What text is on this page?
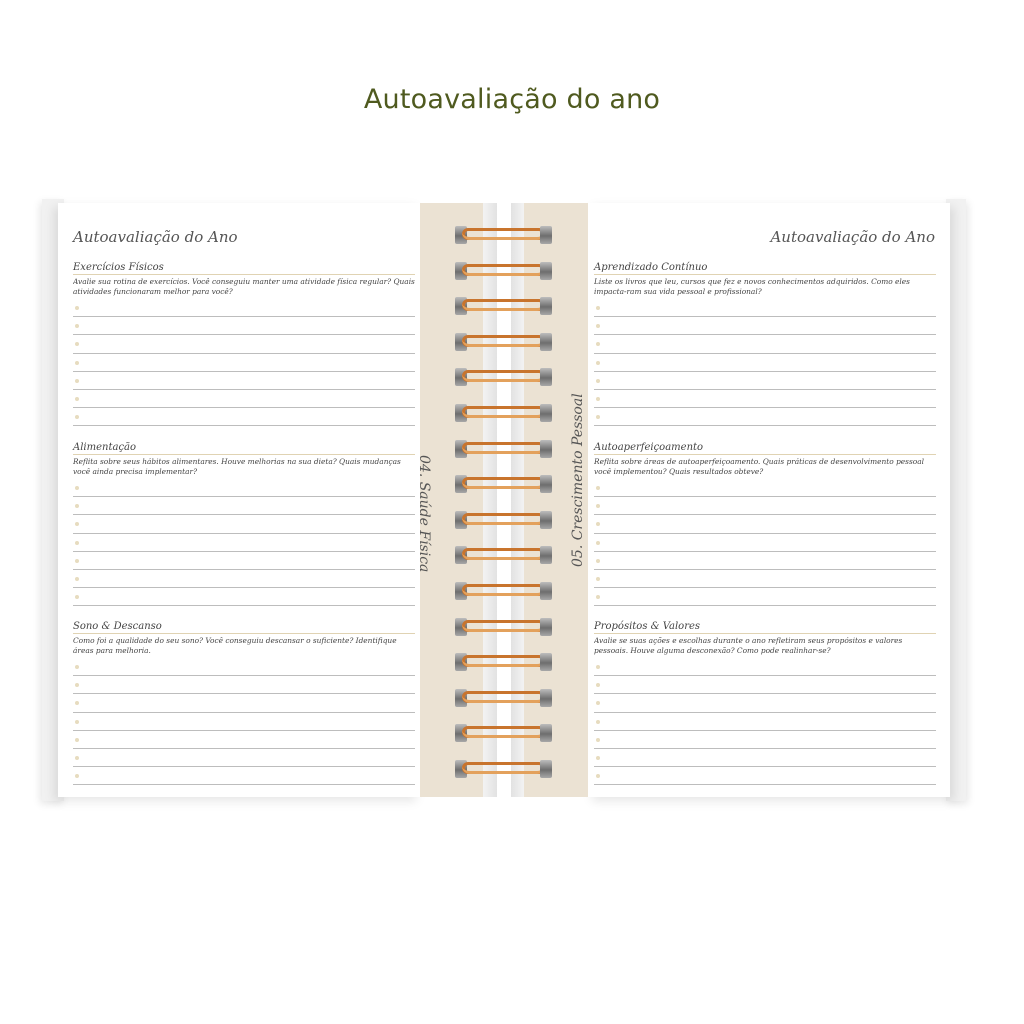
Autoavaliação do ano
04. Saúde Física	05. Crescimento Pessoal
Autoavaliação do Ano	Autoavaliação do Ano
Exercícios Físicos
Avalie sua rotina de exercícios. Você conseguiu manter uma atividade física regular? Quais atividades funcionaram melhor para você?
Alimentação
Reflita sobre seus hábitos alimentares. Houve melhorias na sua dieta? Quais mudanças você ainda precisa implementar?
Sono & Descanso
Como foi a qualidade do seu sono? Você conseguiu descansar o suficiente? Identifique áreas para melhoria.
Aprendizado Contínuo
Liste os livros que leu, cursos que fez e novos conhecimentos adquiridos. Como eles impacta-ram sua vida pessoal e profissional?
Autoaperfeiçoamento
Reflita sobre áreas de autoaperfeiçoamento. Quais práticas de desenvolvimento pessoal você implementou? Quais resultados obteve?
Propósitos & Valores
Avalie se suas ações e escolhas durante o ano refletiram seus propósitos e valores pessoais. Houve alguma desconexão? Como pode realinhar-se?
